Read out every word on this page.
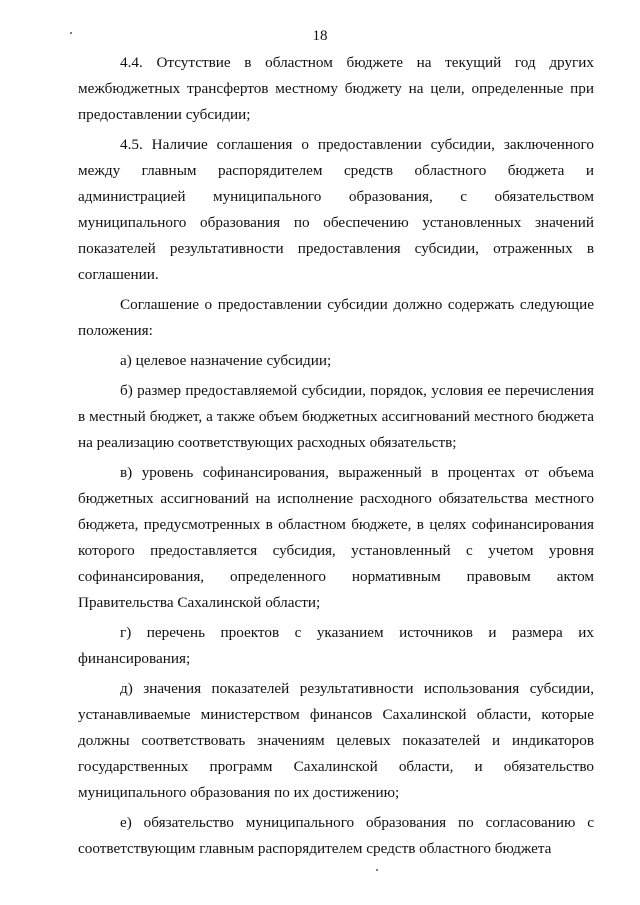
18

4.4. Отсутствие в областном бюджете на текущий год других межбюджетных трансфертов местному бюджету на цели, определенные при предоставлении субсидии;

4.5. Наличие соглашения о предоставлении субсидии, заключенного между главным распорядителем средств областного бюджета и администрацией муниципального образования, с обязательством муниципального образования по обеспечению установленных значений показателей результативности предоставления субсидии, отраженных в соглашении.

Соглашение о предоставлении субсидии должно содержать следующие положения:

а) целевое назначение субсидии;

б) размер предоставляемой субсидии, порядок, условия ее перечисления в местный бюджет, а также объем бюджетных ассигнований местного бюджета на реализацию соответствующих расходных обязательств;

в) уровень софинансирования, выраженный в процентах от объема бюджетных ассигнований на исполнение расходного обязательства местного бюджета, предусмотренных в областном бюджете, в целях софинансирования которого предоставляется субсидия, установленный с учетом уровня софинансирования, определенного нормативным правовым актом Правительства Сахалинской области;

г) перечень проектов с указанием источников и размера их финансирования;

д) значения показателей результативности использования субсидии, устанавливаемые министерством финансов Сахалинской области, которые должны соответствовать значениям целевых показателей и индикаторов государственных программ Сахалинской области, и обязательство муниципального образования по их достижению;

е) обязательство муниципального образования по согласованию с соответствующим главным распорядителем средств областного бюджета
